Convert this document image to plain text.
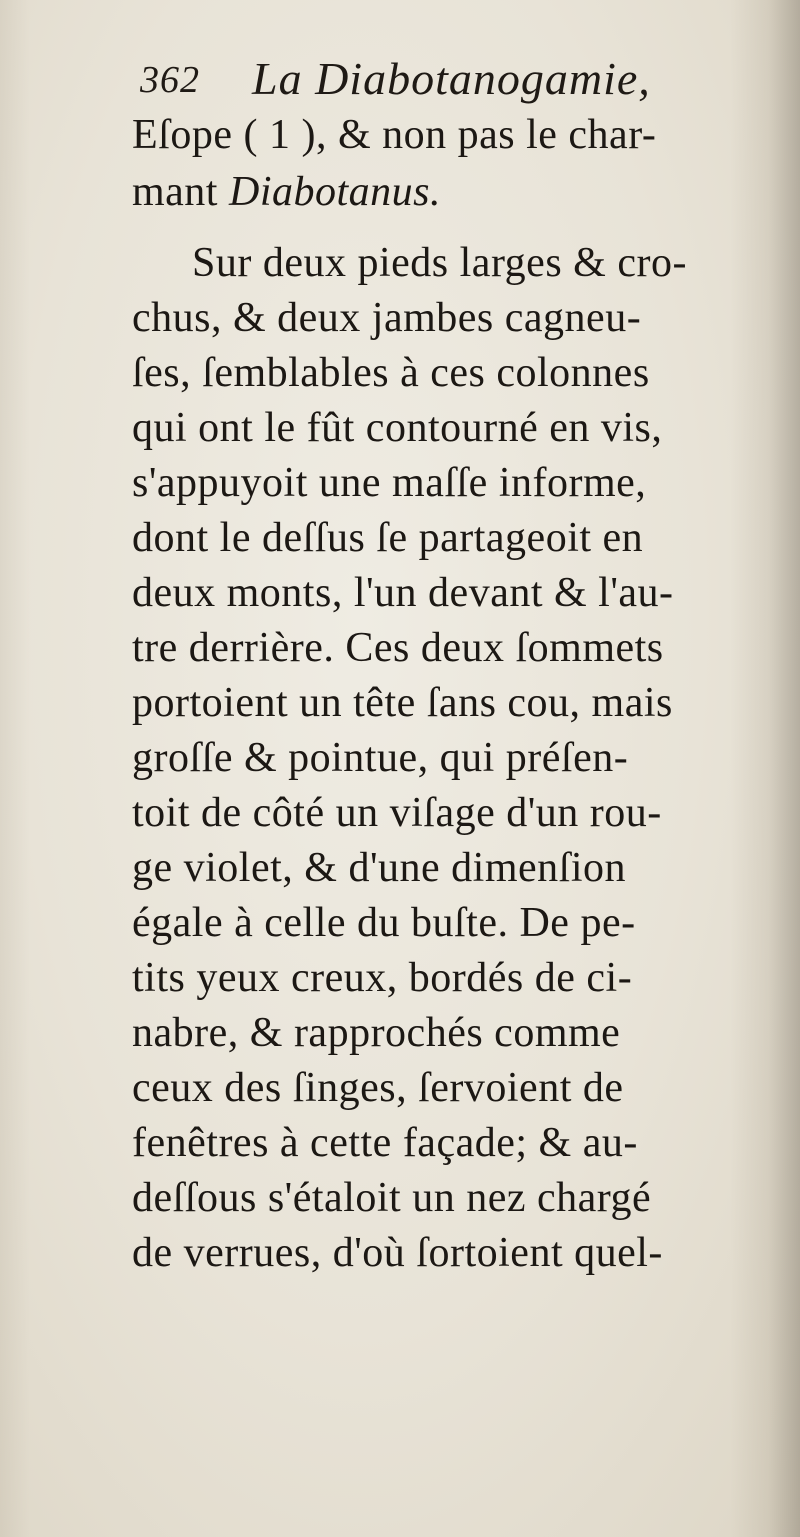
362 La Diabotanogamie,
Eſope ( 1 ), & non pas le char-
mant Diabotanus.
Sur deux pieds larges & cro-
chus, & deux jambes cagneu-
ſes, ſemblables à ces colonnes
qui ont le fût contourné en vis,
s'appuyoit une maſſe informe,
dont le deſſus ſe partageoit en
deux monts, l'un devant & l'au-
tre derrière. Ces deux ſommets
portoient un tête ſans cou, mais
groſſe & pointue, qui préſen-
toit de côté un viſage d'un rou-
ge violet, & d'une dimenſion
égale à celle du buſte. De pe-
tits yeux creux, bordés de ci-
nabre, & rapprochés comme
ceux des ſinges, ſervoient de
fenêtres à cette façade; & au-
deſſous s'étaloit un nez chargé
de verrues, d'où ſortoient quel-
